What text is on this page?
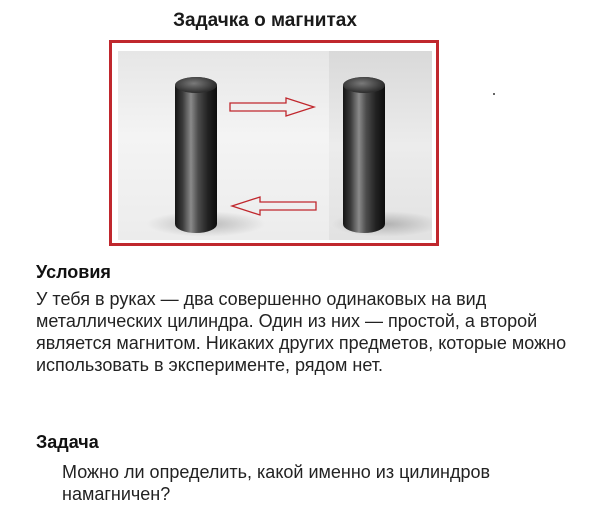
Задачка о магнитах
Условия
У тебя в руках — два совершенно одинаковых на вид металлических цилиндра. Один из них — простой, а второй является магнитом. Никаких других предметов, которые можно использовать в эксперименте, рядом нет.
Задача
Можно ли определить, какой именно из цилиндров намагничен?
